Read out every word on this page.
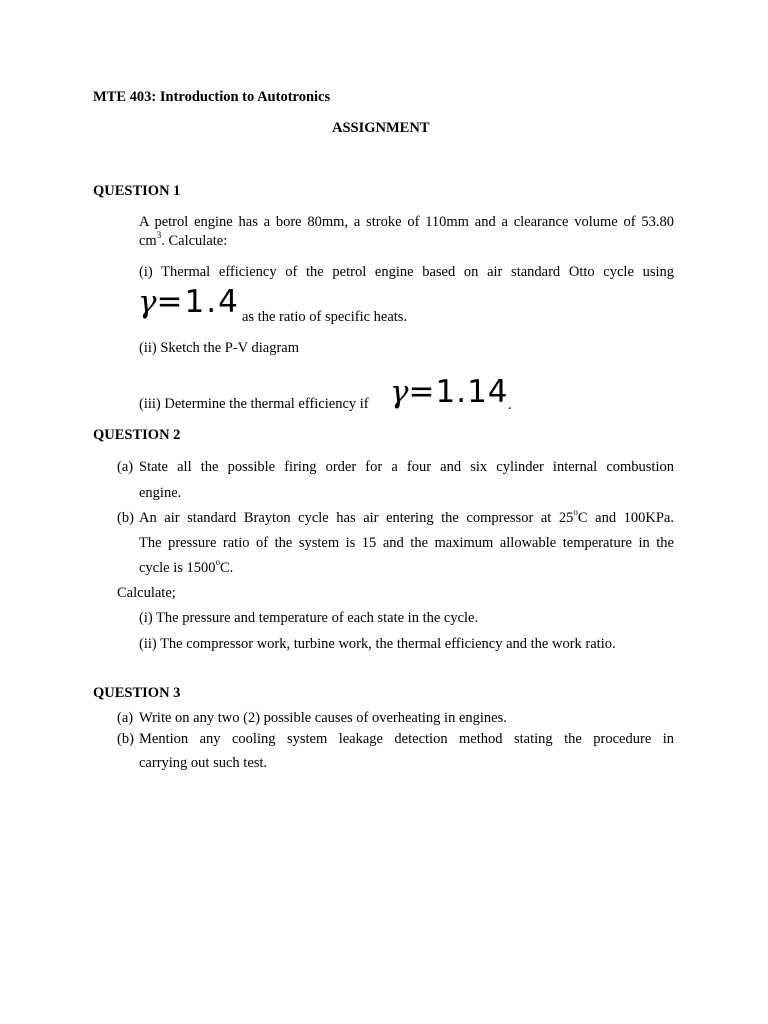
MTE 403: Introduction to Autotronics
ASSIGNMENT
QUESTION 1
A petrol engine has a bore 80mm, a stroke of 110mm and a clearance volume of 53.80
$cm^3$. Calculate:
(i) Thermal efficiency of the petrol engine based on air standard Otto cycle using
γ=1.4 as the ratio of specific heats.
(ii) Sketch the P-V diagram
(iii) Determine the thermal efficiency if γ=1.14 .
QUESTION 2
(a) State all the possible firing order for a four and six cylinder internal combustion
engine.
(b) An air standard Brayton cycle has air entering the compressor at 25$^o$C and 100KPa.
The pressure ratio of the system is 15 and the maximum allowable temperature in the
cycle is 1500$^o$C.
Calculate;
(i) The pressure and temperature of each state in the cycle.
(ii) The compressor work, turbine work, the thermal efficiency and the work ratio.
QUESTION 3
(a) Write on any two (2) possible causes of overheating in engines.
(b) Mention any cooling system leakage detection method stating the procedure in
carrying out such test.
